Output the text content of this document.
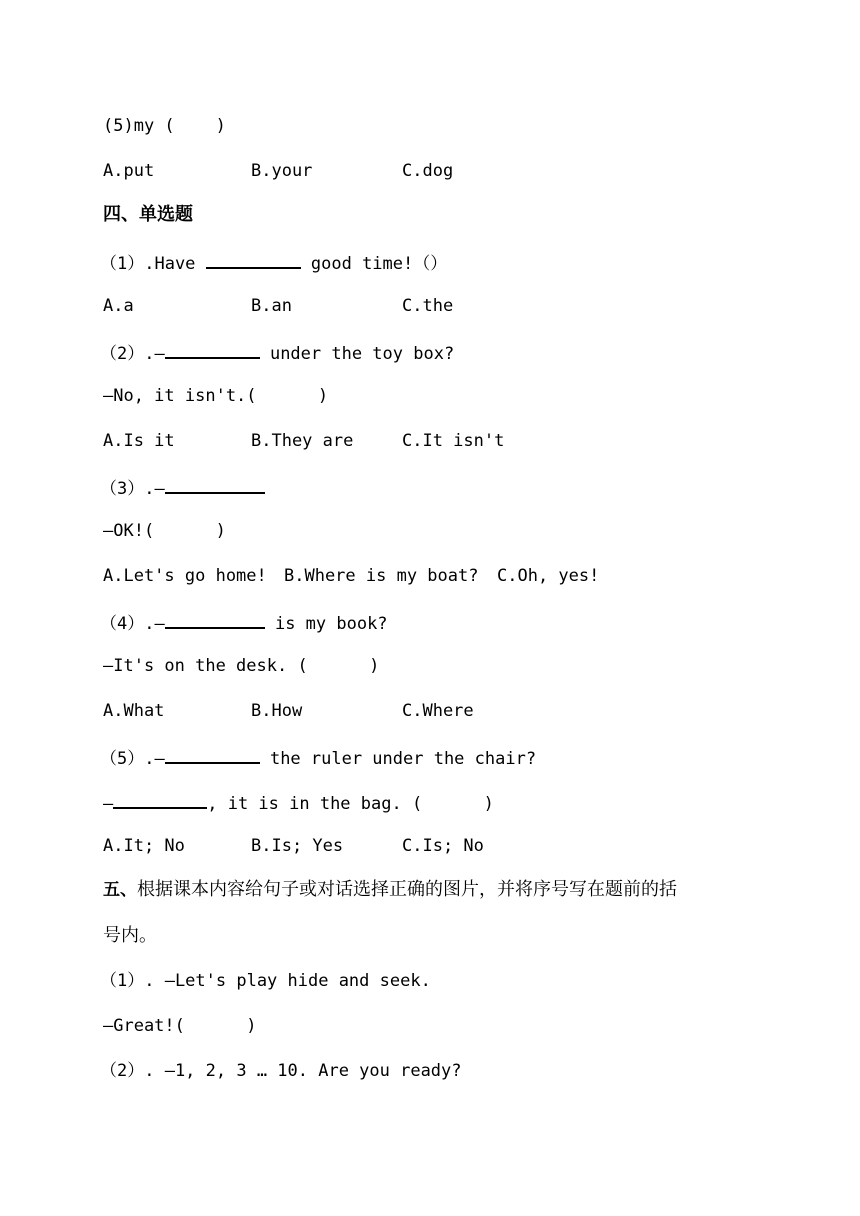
(5)my (    )
A.put	B.your	C.dog
四、单选题
（1）.Have	good time!（）
A.a	B.an	C.the
（2）.—	under the toy box?
—No, it isn't.(      )
A.Is it	B.They are	C.It isn't
（3）.—
—OK!(      )
A.Let's go home! B.Where is my boat? C.Oh, yes!
（4）.—	is my book?
—It's on the desk. (      )
A.What	B.How	C.Where
（5）.—	the ruler under the chair?
—	, it is in the bag. (      )
A.It; No	B.Is; Yes	C.Is; No
五、根据课本内容给句子或对话选择正确的图片，并将序号写在题前的括
号内。
（1）. —Let's play hide and seek.
—Great!(      )
（2）. —1, 2, 3 … 10. Are you ready?
